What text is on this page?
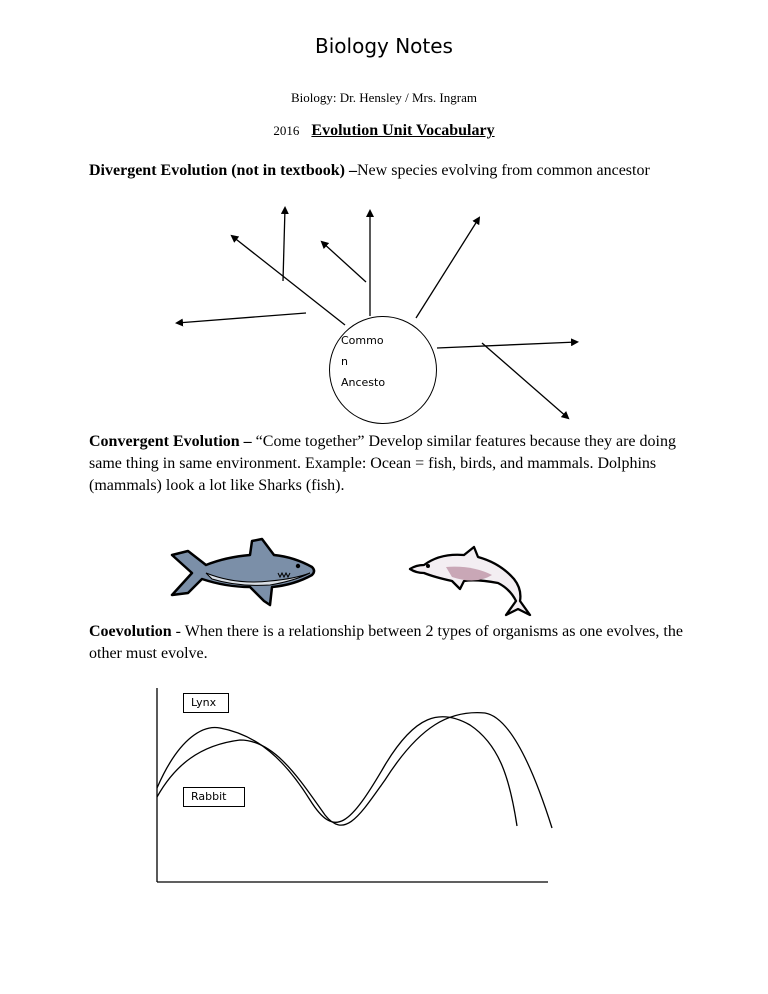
Biology Notes
Biology: Dr. Hensley / Mrs. Ingram
2016 Evolution Unit Vocabulary
Divergent Evolution (not in textbook) –New species evolving from common ancestor
Commo
n
Ancesto
Convergent Evolution – “Come together” Develop similar features because they are doing same thing in same environment. Example: Ocean = fish, birds, and mammals. Dolphins (mammals) look a lot like Sharks (fish).
Coevolution - When there is a relationship between 2 types of organisms as one evolves, the other must evolve.
Lynx
Rabbit
